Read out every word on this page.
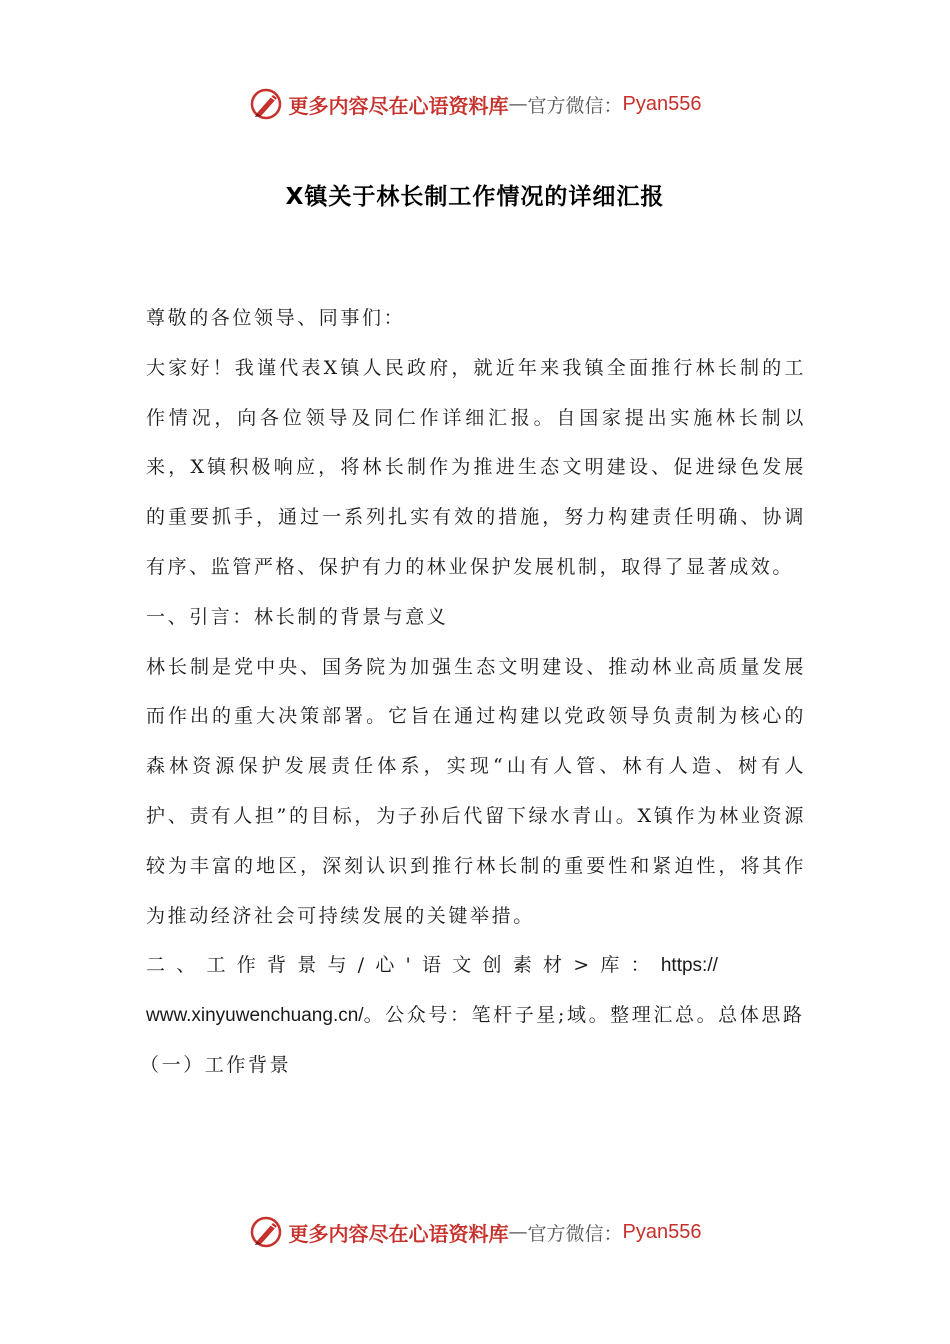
更多内容尽在心语资料库 — 官方微信： Pyan556
X镇关于林长制工作情况的详细汇报

尊敬的各位领导、同事们：

大家好！我谨代表X镇人民政府，就近年来我镇全面推行林长制的工作情况，向各位领导及同仁作详细汇报。自国家提出实施林长制以来，X镇积极响应，将林长制作为推进生态文明建设、促进绿色发展的重要抓手，通过一系列扎实有效的措施，努力构建责任明确、协调有序、监管严格、保护有力的林业保护发展机制，取得了显著成效。

一、引言：林长制的背景与意义

林长制是党中央、国务院为加强生态文明建设、推动林业高质量发展而作出的重大决策部署。它旨在通过构建以党政领导负责制为核心的森林资源保护发展责任体系，实现“山有人管、林有人造、树有人护、责有人担”的目标，为子孙后代留下绿水青山。X镇作为林业资源较为丰富的地区，深刻认识到推行林长制的重要性和紧迫性，将其作为推动经济社会可持续发展的关键举措。

二 、 工 作 背 景 与 / 心 ' 语 文 创 素 材 > 库 ： https://
www.xinyuwenchuang.cn/。公众号：笔杆子星;域。整理汇总。总体思路

（一）工作背景

更多内容尽在心语资料库 — 官方微信： Pyan556
